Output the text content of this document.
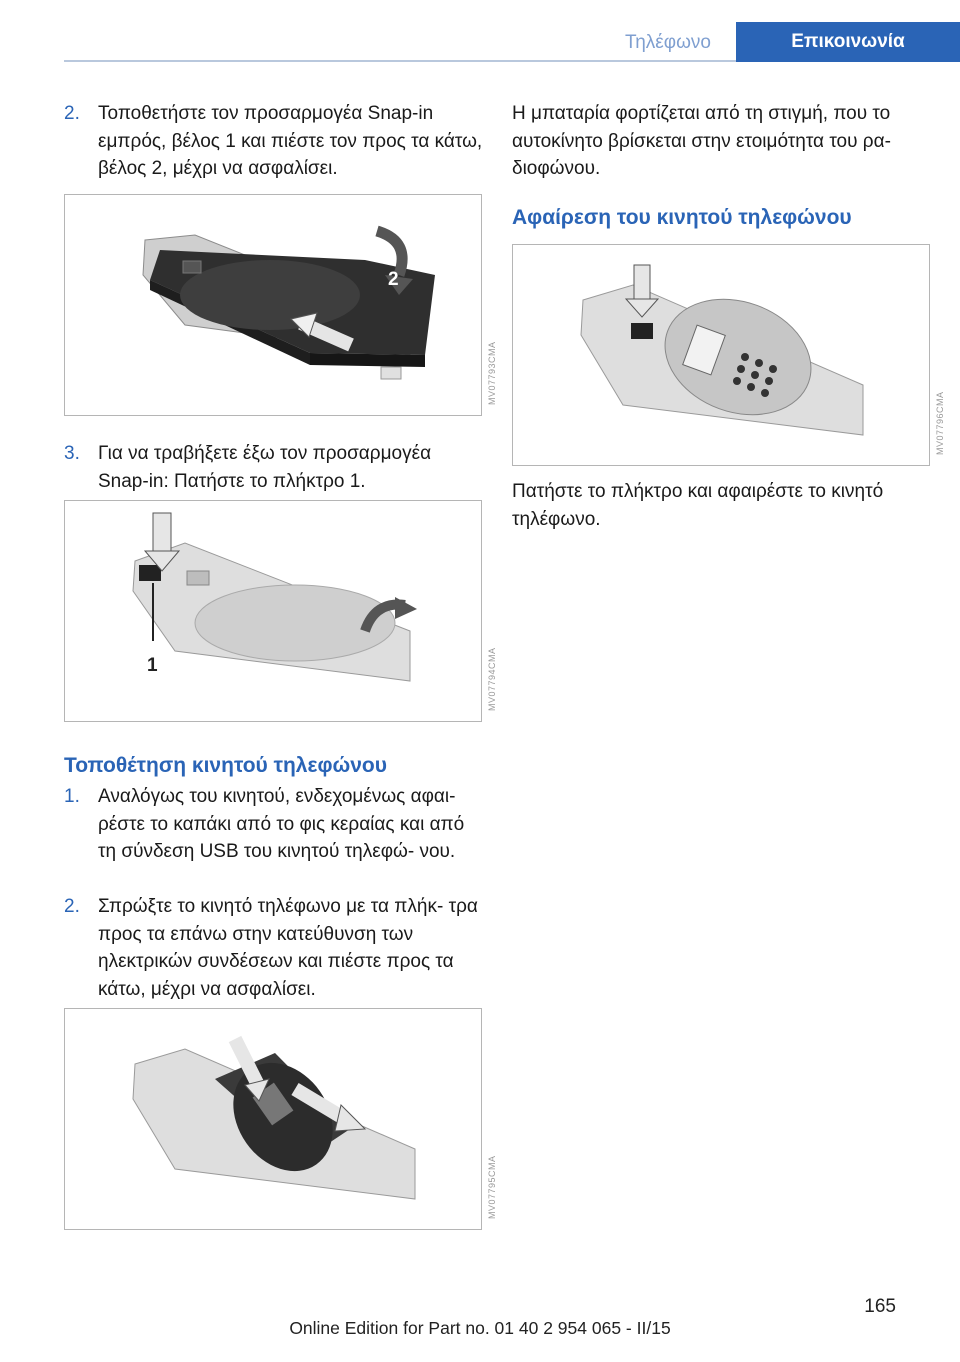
Τηλέφωνο	Επικοινωνία
2. Τοποθετήστε τον προσαρμογέα Snap-in εμπρός, βέλος 1 και πιέστε τον προς τα κάτω, βέλος 2, μέχρι να ασφαλίσει.
2
MV07793CMA
3. Για να τραβήξετε έξω τον προσαρμογέα Snap-in: Πατήστε το πλήκτρο 1.
1	MV07794CMA
Τοποθέτηση κινητού τηλεφώνου
1. Αναλόγως του κινητού, ενδεχομένως αφαι‐ ρέστε το καπάκι από το φις κεραίας και από τη σύνδεση USB του κινητού τηλεφώ‐ νου.
2. Σπρώξτε το κινητό τηλέφωνο με τα πλήκ‐ τρα προς τα επάνω στην κατεύθυνση των ηλεκτρικών συνδέσεων και πιέστε προς τα κάτω, μέχρι να ασφαλίσει.
MV07795CMA
Η μπαταρία φορτίζεται από τη στιγμή, που το αυτοκίνητο βρίσκεται στην ετοιμότητα του ρα‐ διοφώνου.
Αφαίρεση του κινητού τηλεφώνου
MV07796CMA
Πατήστε το πλήκτρο και αφαιρέστε το κινητό τηλέφωνο.
165
Online Edition for Part no. 01 40 2 954 065 - II/15
